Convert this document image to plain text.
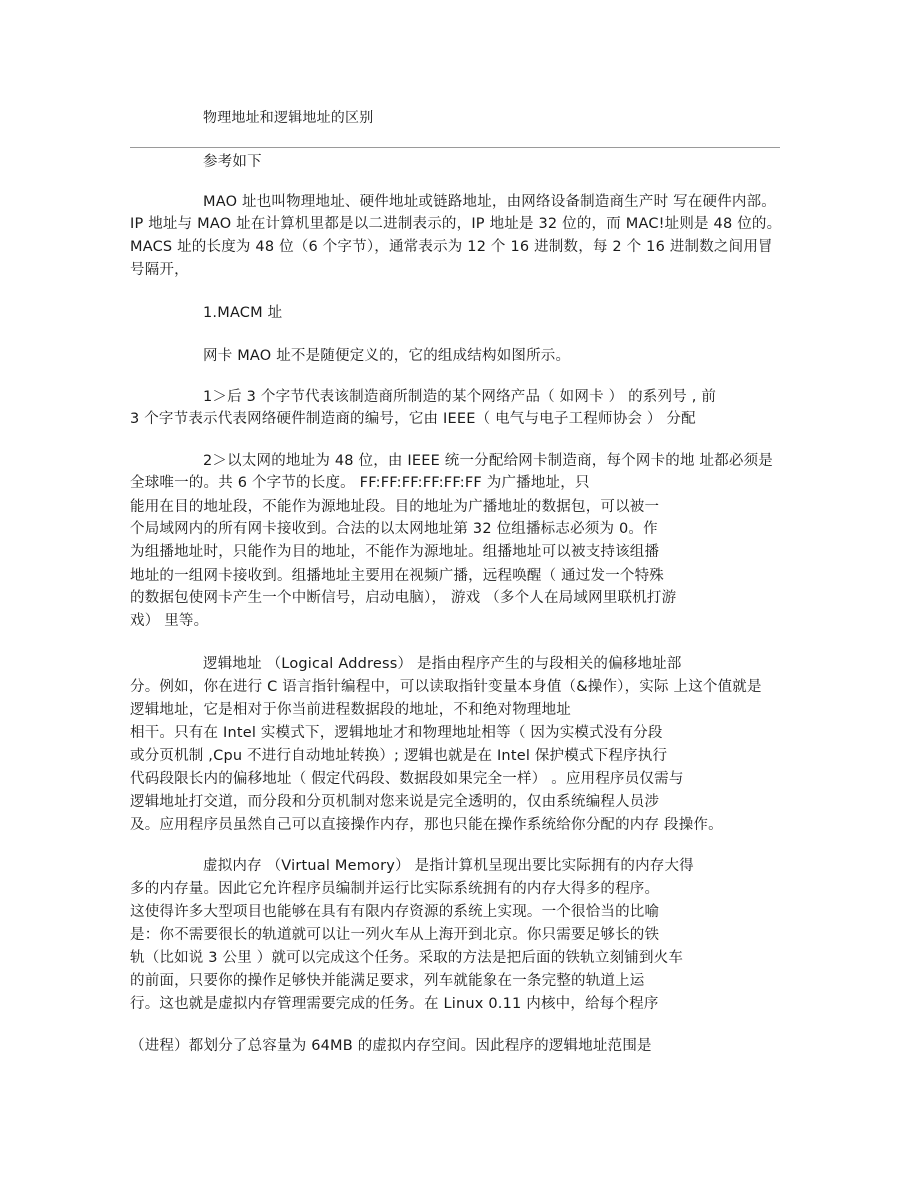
物理地址和逻辑地址的区别
参考如下
MAO 址也叫物理地址、硬件地址或链路地址，由网络设备制造商生产时 写在硬件内部。
IP 地址与 MAO 址在计算机里都是以二进制表示的，IP 地址是 32 位的，而 MAC!址则是 48 位的。
MACS 址的长度为 48 位（6 个字节），通常表示为 12 个 16 进制数，每 2 个 16 进制数之间用冒
号隔开，
1.MACM 址
网卡 MAO 址不是随便定义的，它的组成结构如图所示。
1＞后 3 个字节代表该制造商所制造的某个网络产品（ 如网卡 ） 的系列号 , 前
3 个字节表示代表网络硬件制造商的编号，它由 IEEE（ 电气与电子工程师协会 ） 分配
2＞以太网的地址为 48 位，由 IEEE 统一分配给网卡制造商，每个网卡的地 址都必须是
全球唯一的。共 6 个字节的长度。 FF:FF:FF:FF:FF:FF 为广播地址，只
能用在目的地址段，不能作为源地址段。目的地址为广播地址的数据包，可以被一
个局域网内的所有网卡接收到。合法的以太网地址第 32 位组播标志必须为 0。作
为组播地址时，只能作为目的地址，不能作为源地址。组播地址可以被支持该组播
地址的一组网卡接收到。组播地址主要用在视频广播，远程唤醒（ 通过发一个特殊
的数据包使网卡产生一个中断信号，启动电脑）， 游戏 （多个人在局域网里联机打游
戏） 里等。
逻辑地址 （Logical Address） 是指由程序产生的与段相关的偏移地址部
分。例如，你在进行 C 语言指针编程中，可以读取指针变量本身值（&操作），实际 上这个值就是
逻辑地址，它是相对于你当前进程数据段的地址，不和绝对物理地址
相干。只有在 Intel 实模式下，逻辑地址才和物理地址相等（ 因为实模式没有分段
或分页机制 ,Cpu 不进行自动地址转换）; 逻辑也就是在 Intel 保护模式下程序执行
代码段限长内的偏移地址（ 假定代码段、数据段如果完全一样） 。应用程序员仅需与
逻辑地址打交道，而分段和分页机制对您来说是完全透明的，仅由系统编程人员涉
及。应用程序员虽然自己可以直接操作内存，那也只能在操作系统给你分配的内存 段操作。
虚拟内存 （Virtual Memory） 是指计算机呈现出要比实际拥有的内存大得
多的内存量。因此它允许程序员编制并运行比实际系统拥有的内存大得多的程序。
这使得许多大型项目也能够在具有有限内存资源的系统上实现。一个很恰当的比喻
是：你不需要很长的轨道就可以让一列火车从上海开到北京。你只需要足够长的铁
轨（比如说 3 公里 ）就可以完成这个任务。采取的方法是把后面的铁轨立刻铺到火车
的前面，只要你的操作足够快并能满足要求，列车就能象在一条完整的轨道上运
行。这也就是虚拟内存管理需要完成的任务。在 Linux 0.11 内核中，给每个程序
（进程）都划分了总容量为 64MB 的虚拟内存空间。因此程序的逻辑地址范围是
